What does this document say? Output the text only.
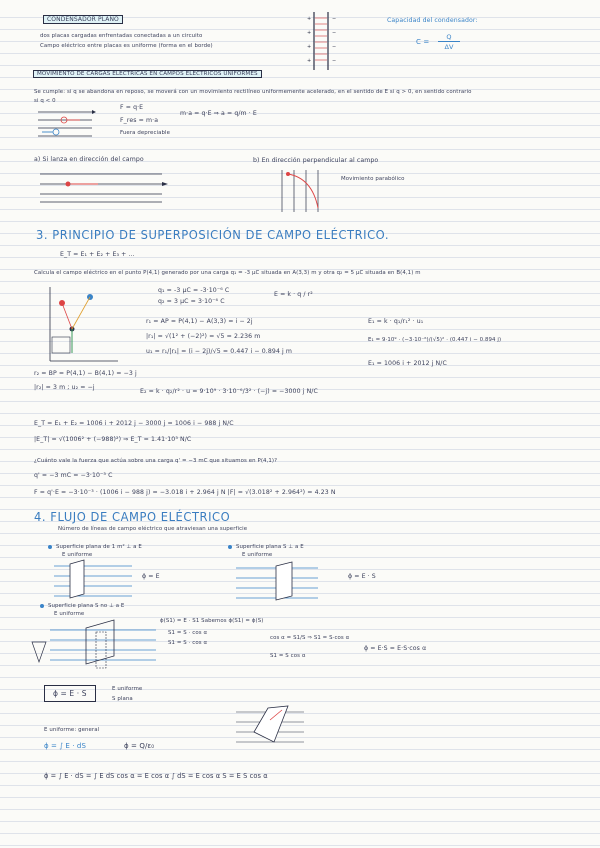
CONDENSADOR PLANO
dos placas cargadas enfrentadas conectadas a un circuito
Campo eléctrico entre placas es uniforme (forma en el borde)
+
+
+
+
−
−
−
−
Capacidad del condensador:
C =
Q
ΔV
MOVIMIENTO DE CARGAS ELÉCTRICAS EN CAMPOS ELÉCTRICOS UNIFORMES
Se cumple: si q se abandona en reposo, se moverá con un movimiento rectilíneo uniformemente acelerado, en el sentido de E si q > 0, en sentido contrario
si q < 0
F = q·E
F_res = m·a
m·a = q·E ⇒ a = q/m · E
Fuera depreciable
a) Si lanza en dirección del campo	b) En dirección perpendicular al campo
Movimiento parabólico
3. PRINCIPIO DE SUPERPOSICIÓN DE CAMPO ELÉCTRICO.
E_T = E₁ + E₂ + E₃ + ...
Calcula el campo eléctrico en el punto P(4,1) generado por una carga q₁ = -3 μC situada en A(3,3) m y otra q₂ = 5 μC situada en B(4,1) m
q₁ = -3 μC = -3·10⁻⁶ C
q₂ = 3 μC = 3·10⁻⁶ C
E = k · q / r²
r₁ = AP = P(4,1) − A(3,3) = i − 2j
|r₁| = √(1² + (−2)²) = √5 = 2.236 m
u₁ = r₁/|r₁| = (i − 2j)/√5 = 0.447 i − 0.894 j m
E₁ = k · q₁/r₁² · u₁
E₁ = 9·10⁹ · (−3·10⁻⁶)/(√5)² · (0.447 i − 0.894 j)
E₁ = 1006 i + 2012 j N/C
r₂ = BP = P(4,1) − B(4,1) = −3 j
|r₂| = 3 m ; u₂ = −j
E₂ = k · q₂/r² · u = 9·10⁹ · 3·10⁻⁶/3² · (−j) = −3000 j N/C
E_T = E₁ + E₂ = 1006 i + 2012 j − 3000 j = 1006 i − 988 j N/C
|E_T| = √(1006² + (−988)²) ⇒ E_T = 1.41·10³ N/C
¿Cuánto vale la fuerza que actúa sobre una carga q' = −3 mC que situamos en P(4,1)?
q' = −3 mC = −3·10⁻³ C
F = q'·E = −3·10⁻³ · (1006 i − 988 j) = −3.018 i + 2.964 j N |F| = √(3.018² + 2.964²) = 4.23 N
4. FLUJO DE CAMPO ELÉCTRICO
Número de líneas de campo eléctrico que atraviesan una superficie
Superficie plana de 1 m² ⊥ a E
E uniforme
ϕ = E
Superficie plana S ⊥ a E
E uniforme
ϕ = E · S
Superficie plana S no ⊥ a E
E uniforme
ϕ(S1) = E · S1 Sabemos ϕ(S1) = ϕ(S)
S1 = S · cos α
S1 = S · cos α
cos α = S1/S ⇒ S1 = S·cos α
S1 = S cos α
ϕ = E·S = E·S·cos α
ϕ = E · S	E uniforme
S plana
E uniforme: general
ϕ = ∫ E · dS	ϕ = Q/ε₀
ϕ = ∫ E · dS = ∫ E dS cos α = E cos α ∫ dS = E cos α S = E S cos α
